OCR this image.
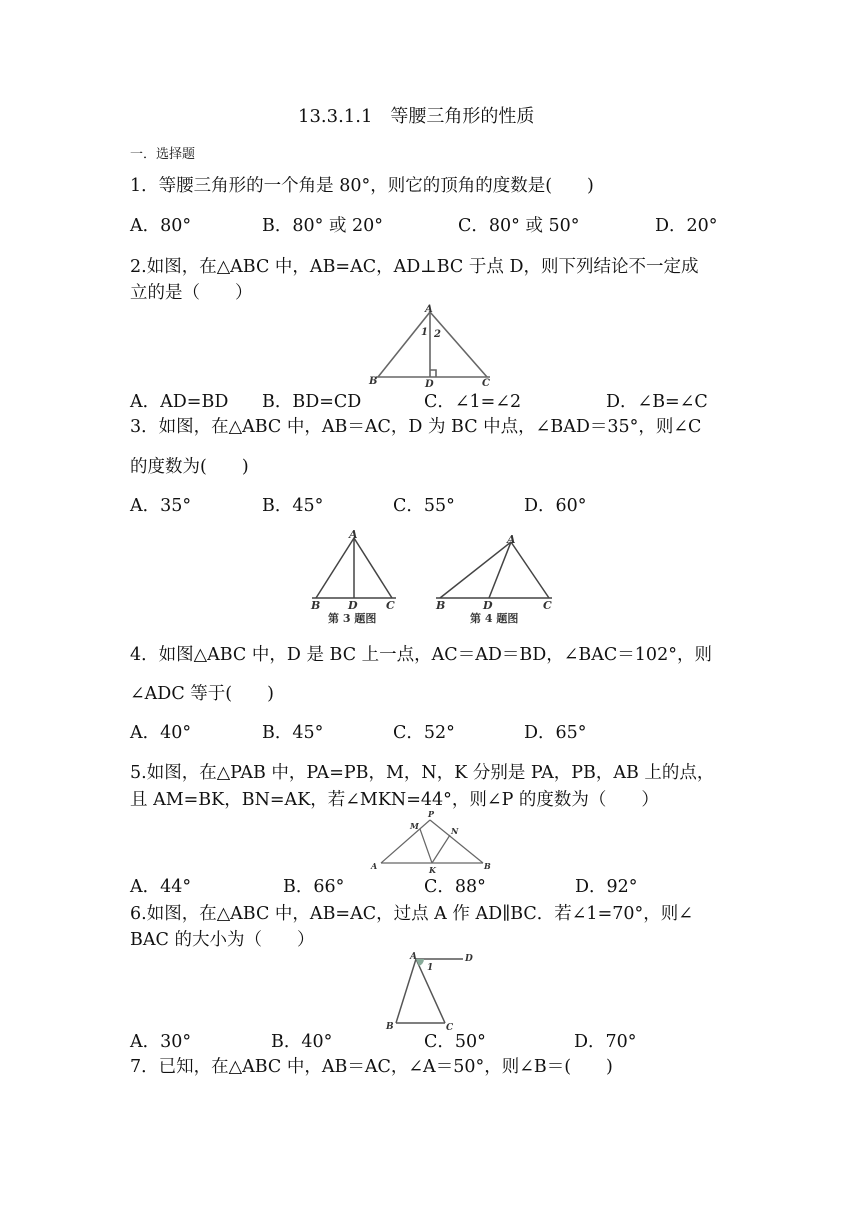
13.3.1.1　等腰三角形的性质
一．选择题
1．等腰三角形的一个角是 80°，则它的顶角的度数是(　　)
A．80°	B．80° 或 20°	C．80° 或 50°	D．20°
2.如图，在△ABC 中，AB=AC，AD⊥BC 于点 D，则下列结论不一定成
立的是（　　）
A
1 2
B	D	C
A．AD=BD B．BD=CD	C．∠1=∠2	D．∠B=∠C
3．如图，在△ABC 中，AB＝AC，D 为 BC 中点，∠BAD＝35°，则∠C
的度数为(　　)
A．35°	B．45°	C．55°	D．60°
A
B	D	C
第 3 题图
A
B	D	C
第 4 题图
4．如图△ABC 中，D 是 BC 上一点，AC＝AD＝BD，∠BAC＝102°，则
∠ADC 等于(　　)
A．40°	B．45°	C．52°	D．65°
5.如图，在△PAB 中，PA=PB，M，N，K 分别是 PA，PB，AB 上的点，
且 AM=BK，BN=AK，若∠MKN=44°，则∠P 的度数为（　　）
P
M	N
A	B
K
A．44°	B．66°	C．88°	D．92°
6.如图，在△ABC 中，AB=AC，过点 A 作 AD∥BC．若∠1=70°，则∠
BAC 的大小为（　　）
A
1
D
B	C
A．30°	B．40°	C．50°	D．70°
7．已知，在△ABC 中，AB＝AC，∠A＝50°，则∠B＝(　　)
